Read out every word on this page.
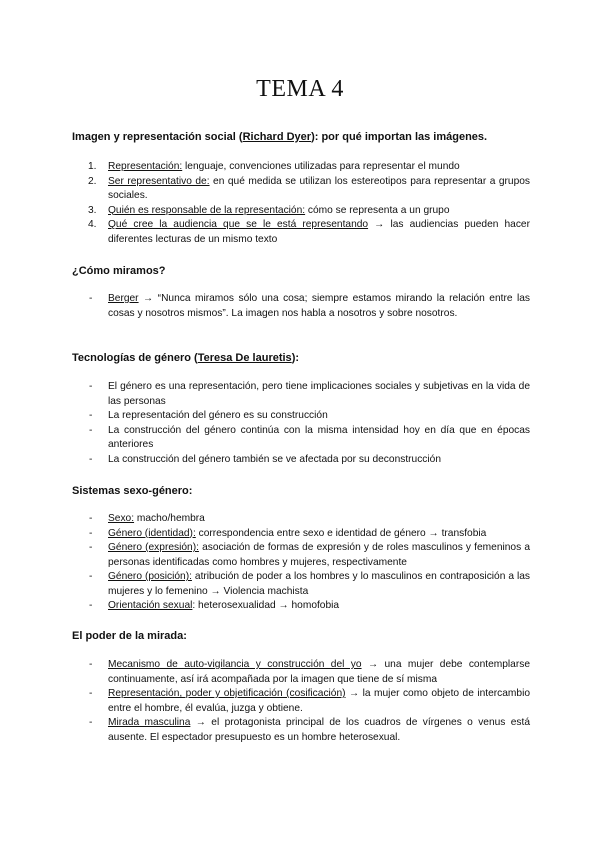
TEMA 4

Imagen y representación social (Richard Dyer): por qué importan las imágenes.

1. Representación: lenguaje, convenciones utilizadas para representar el mundo
2. Ser representativo de: en qué medida se utilizan los estereotipos para representar a grupos sociales.
3. Quién es responsable de la representación: cómo se representa a un grupo
4. Qué cree la audiencia que se le está representando → las audiencias pueden hacer diferentes lecturas de un mismo texto

¿Cómo miramos?

- Berger → “Nunca miramos sólo una cosa; siempre estamos mirando la relación entre las cosas y nosotros mismos”. La imagen nos habla a nosotros y sobre nosotros.

Tecnologías de género (Teresa De lauretis):

- El género es una representación, pero tiene implicaciones sociales y subjetivas en la vida de las personas
- La representación del género es su construcción
- La construcción del género continúa con la misma intensidad hoy en día que en épocas anteriores
- La construcción del género también se ve afectada por su deconstrucción

Sistemas sexo-género:

- Sexo: macho/hembra
- Género (identidad): correspondencia entre sexo e identidad de género → transfobia
- Género (expresión): asociación de formas de expresión y de roles masculinos y femeninos a personas identificadas como hombres y mujeres, respectivamente
- Género (posición): atribución de poder a los hombres y lo masculinos en contraposición a las mujeres y lo femenino → Violencia machista
- Orientación sexual: heterosexualidad → homofobia

El poder de la mirada:

- Mecanismo de auto-vigilancia y construcción del yo → una mujer debe contemplarse continuamente, así irá acompañada por la imagen que tiene de sí misma
- Representación, poder y objetificación (cosificación) → la mujer como objeto de intercambio entre el hombre, él evalúa, juzga y obtiene.
- Mirada masculina → el protagonista principal de los cuadros de vírgenes o venus está ausente. El espectador presupuesto es un hombre heterosexual.
